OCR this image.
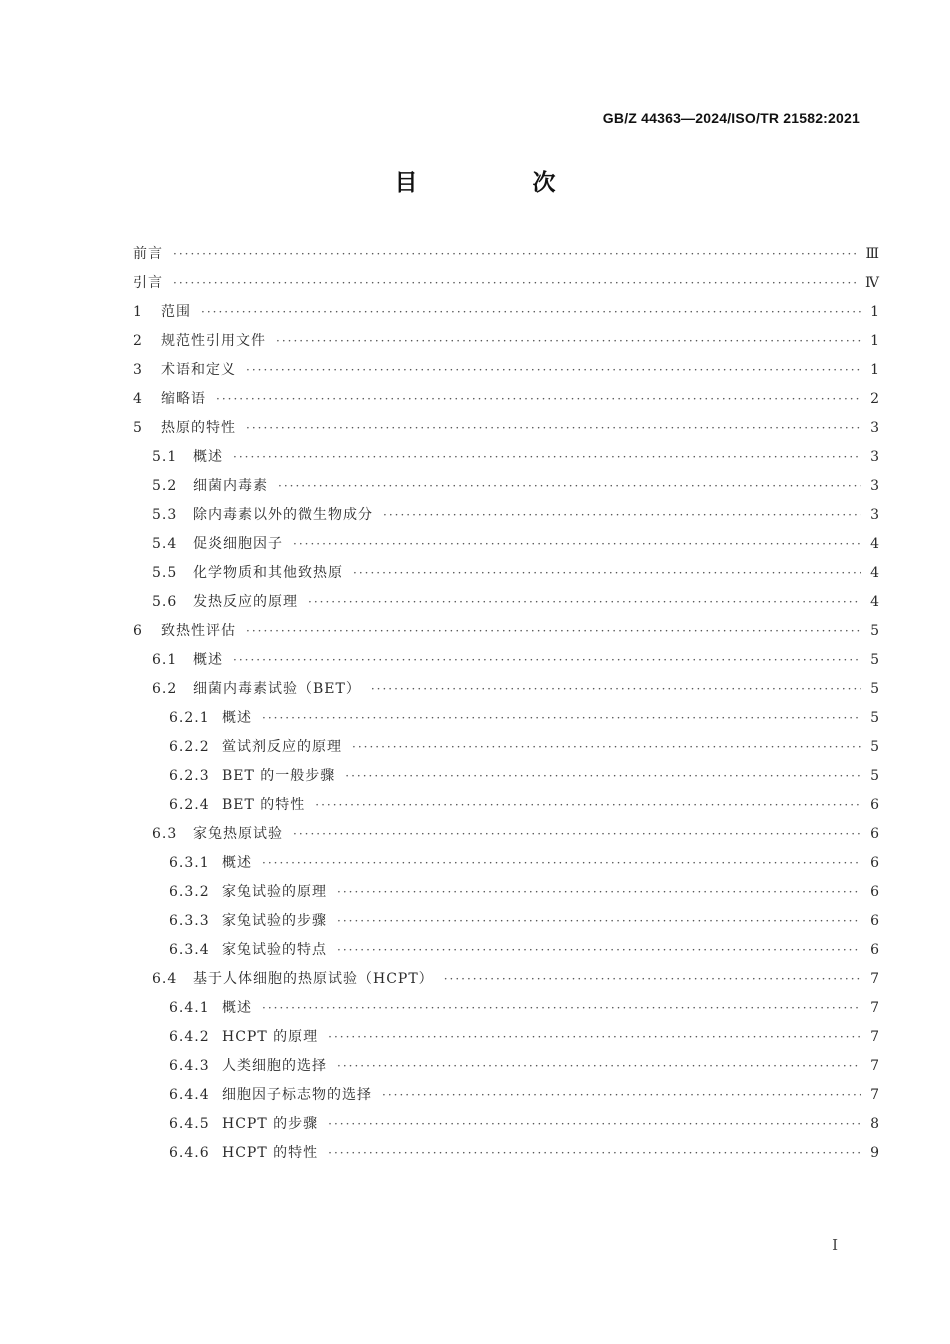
GB/Z 44363—2024/ISO/TR 21582:2021
目　次
前言 ·····	Ⅲ
引言 ·····	Ⅳ
1	范围 ·····	1
2	规范性引用文件 ·····	1
3	术语和定义 ·····	1
4	缩略语 ·····	2
5	热原的特性 ·····	3
5.1	概述 ·····	3
5.2	细菌内毒素 ·····	3
5.3	除内毒素以外的微生物成分 ·····	3
5.4	促炎细胞因子 ·····	4
5.5	化学物质和其他致热原 ·····	4
5.6	发热反应的原理 ·····	4
6	致热性评估 ·····	5
6.1	概述 ·····	5
6.2	细菌内毒素试验（BET） ·····	5
6.2.1 概述 ·····	5
6.2.2 鲎试剂反应的原理 ·····	5
6.2.3 BET 的一般步骤 ·····	5
6.2.4 BET 的特性 ·····	6
6.3	家兔热原试验 ·····	6
6.3.1 概述 ·····	6
6.3.2 家兔试验的原理 ·····	6
6.3.3 家兔试验的步骤 ·····	6
6.3.4 家兔试验的特点 ·····	6
6.4	基于人体细胞的热原试验（HCPT） ·····	7
6.4.1 概述 ·····	7
6.4.2 HCPT 的原理 ·····	7
6.4.3 人类细胞的选择 ·····	7
6.4.4 细胞因子标志物的选择 ·····	7
6.4.5 HCPT 的步骤 ·····	8
6.4.6 HCPT 的特性 ·····	9
I
